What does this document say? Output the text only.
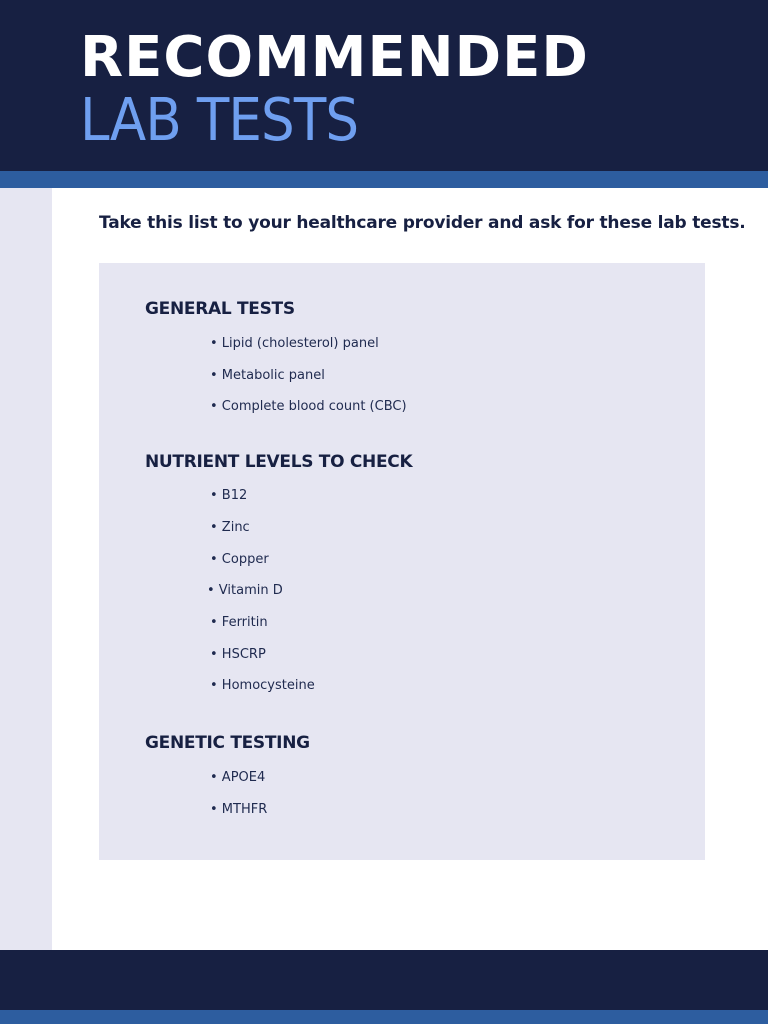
RECOMMENDED
LAB TESTS
Take this list to your healthcare provider and ask for these lab tests.
GENERAL TESTS
• Lipid (cholesterol) panel
• Metabolic panel
• Complete blood count (CBC)
NUTRIENT LEVELS TO CHECK
• B12
• Zinc
• Copper
• Vitamin D
• Ferritin
• HSCRP
• Homocysteine
GENETIC TESTING
• APOE4
• MTHFR
